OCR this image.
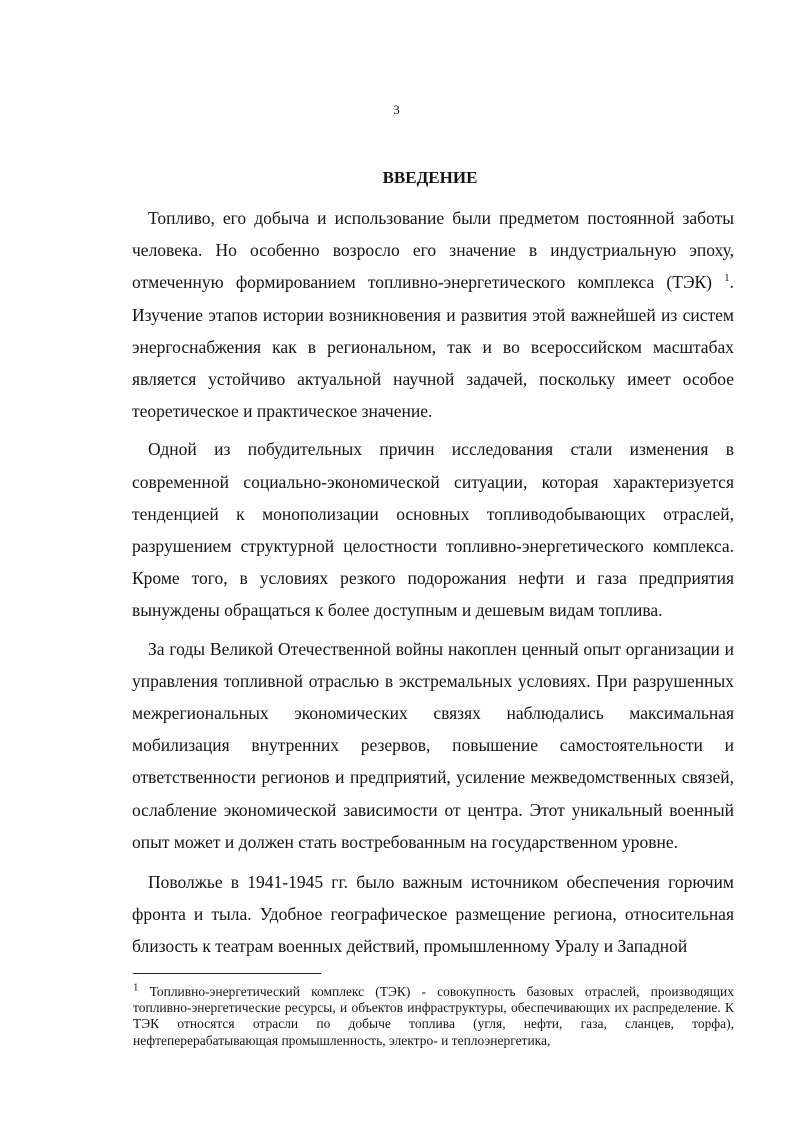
3
ВВЕДЕНИЕ

Топливо, его добыча и использование были предметом постоянной заботы человека. Но особенно возросло его значение в индустриальную эпоху, отмеченную формированием топливно-энергетического комплекса (ТЭК) $^1$. Изучение этапов истории возникновения и развития этой важнейшей из систем энергоснабжения как в региональном, так и во всероссийском масштабах является устойчиво актуальной научной задачей, поскольку имеет особое теоретическое и практическое значение.

Одной из побудительных причин исследования стали изменения в современной социально-экономической ситуации, которая характеризуется тенденцией к монополизации основных топливодобывающих отраслей, разрушением структурной целостности топливно-энергетического комплекса. Кроме того, в условиях резкого подорожания нефти и газа предприятия вынуждены обращаться к более доступным и дешевым видам топлива.

За годы Великой Отечественной войны накоплен ценный опыт организации и управления топливной отраслью в экстремальных условиях. При разрушенных межрегиональных экономических связях наблюдались максимальная мобилизация внутренних резервов, повышение самостоятельности и ответственности регионов и предприятий, усиление межведомственных связей, ослабление экономической зависимости от центра. Этот уникальный военный опыт может и должен стать востребованным на государственном уровне.

Поволжье в 1941-1945 гг. было важным источником обеспечения горючим фронта и тыла. Удобное географическое размещение региона, относительная близость к театрам военных действий, промышленному Уралу и Западной

$^1$ Топливно-энергетический комплекс (ТЭК) - совокупность базовых отраслей, производящих топливно-энергетические ресурсы, и объектов инфраструктуры, обеспечивающих их распределение. К ТЭК относятся отрасли по добыче топлива (угля, нефти, газа, сланцев, торфа), нефтеперерабатывающая промышленность, электро- и теплоэнергетика,
